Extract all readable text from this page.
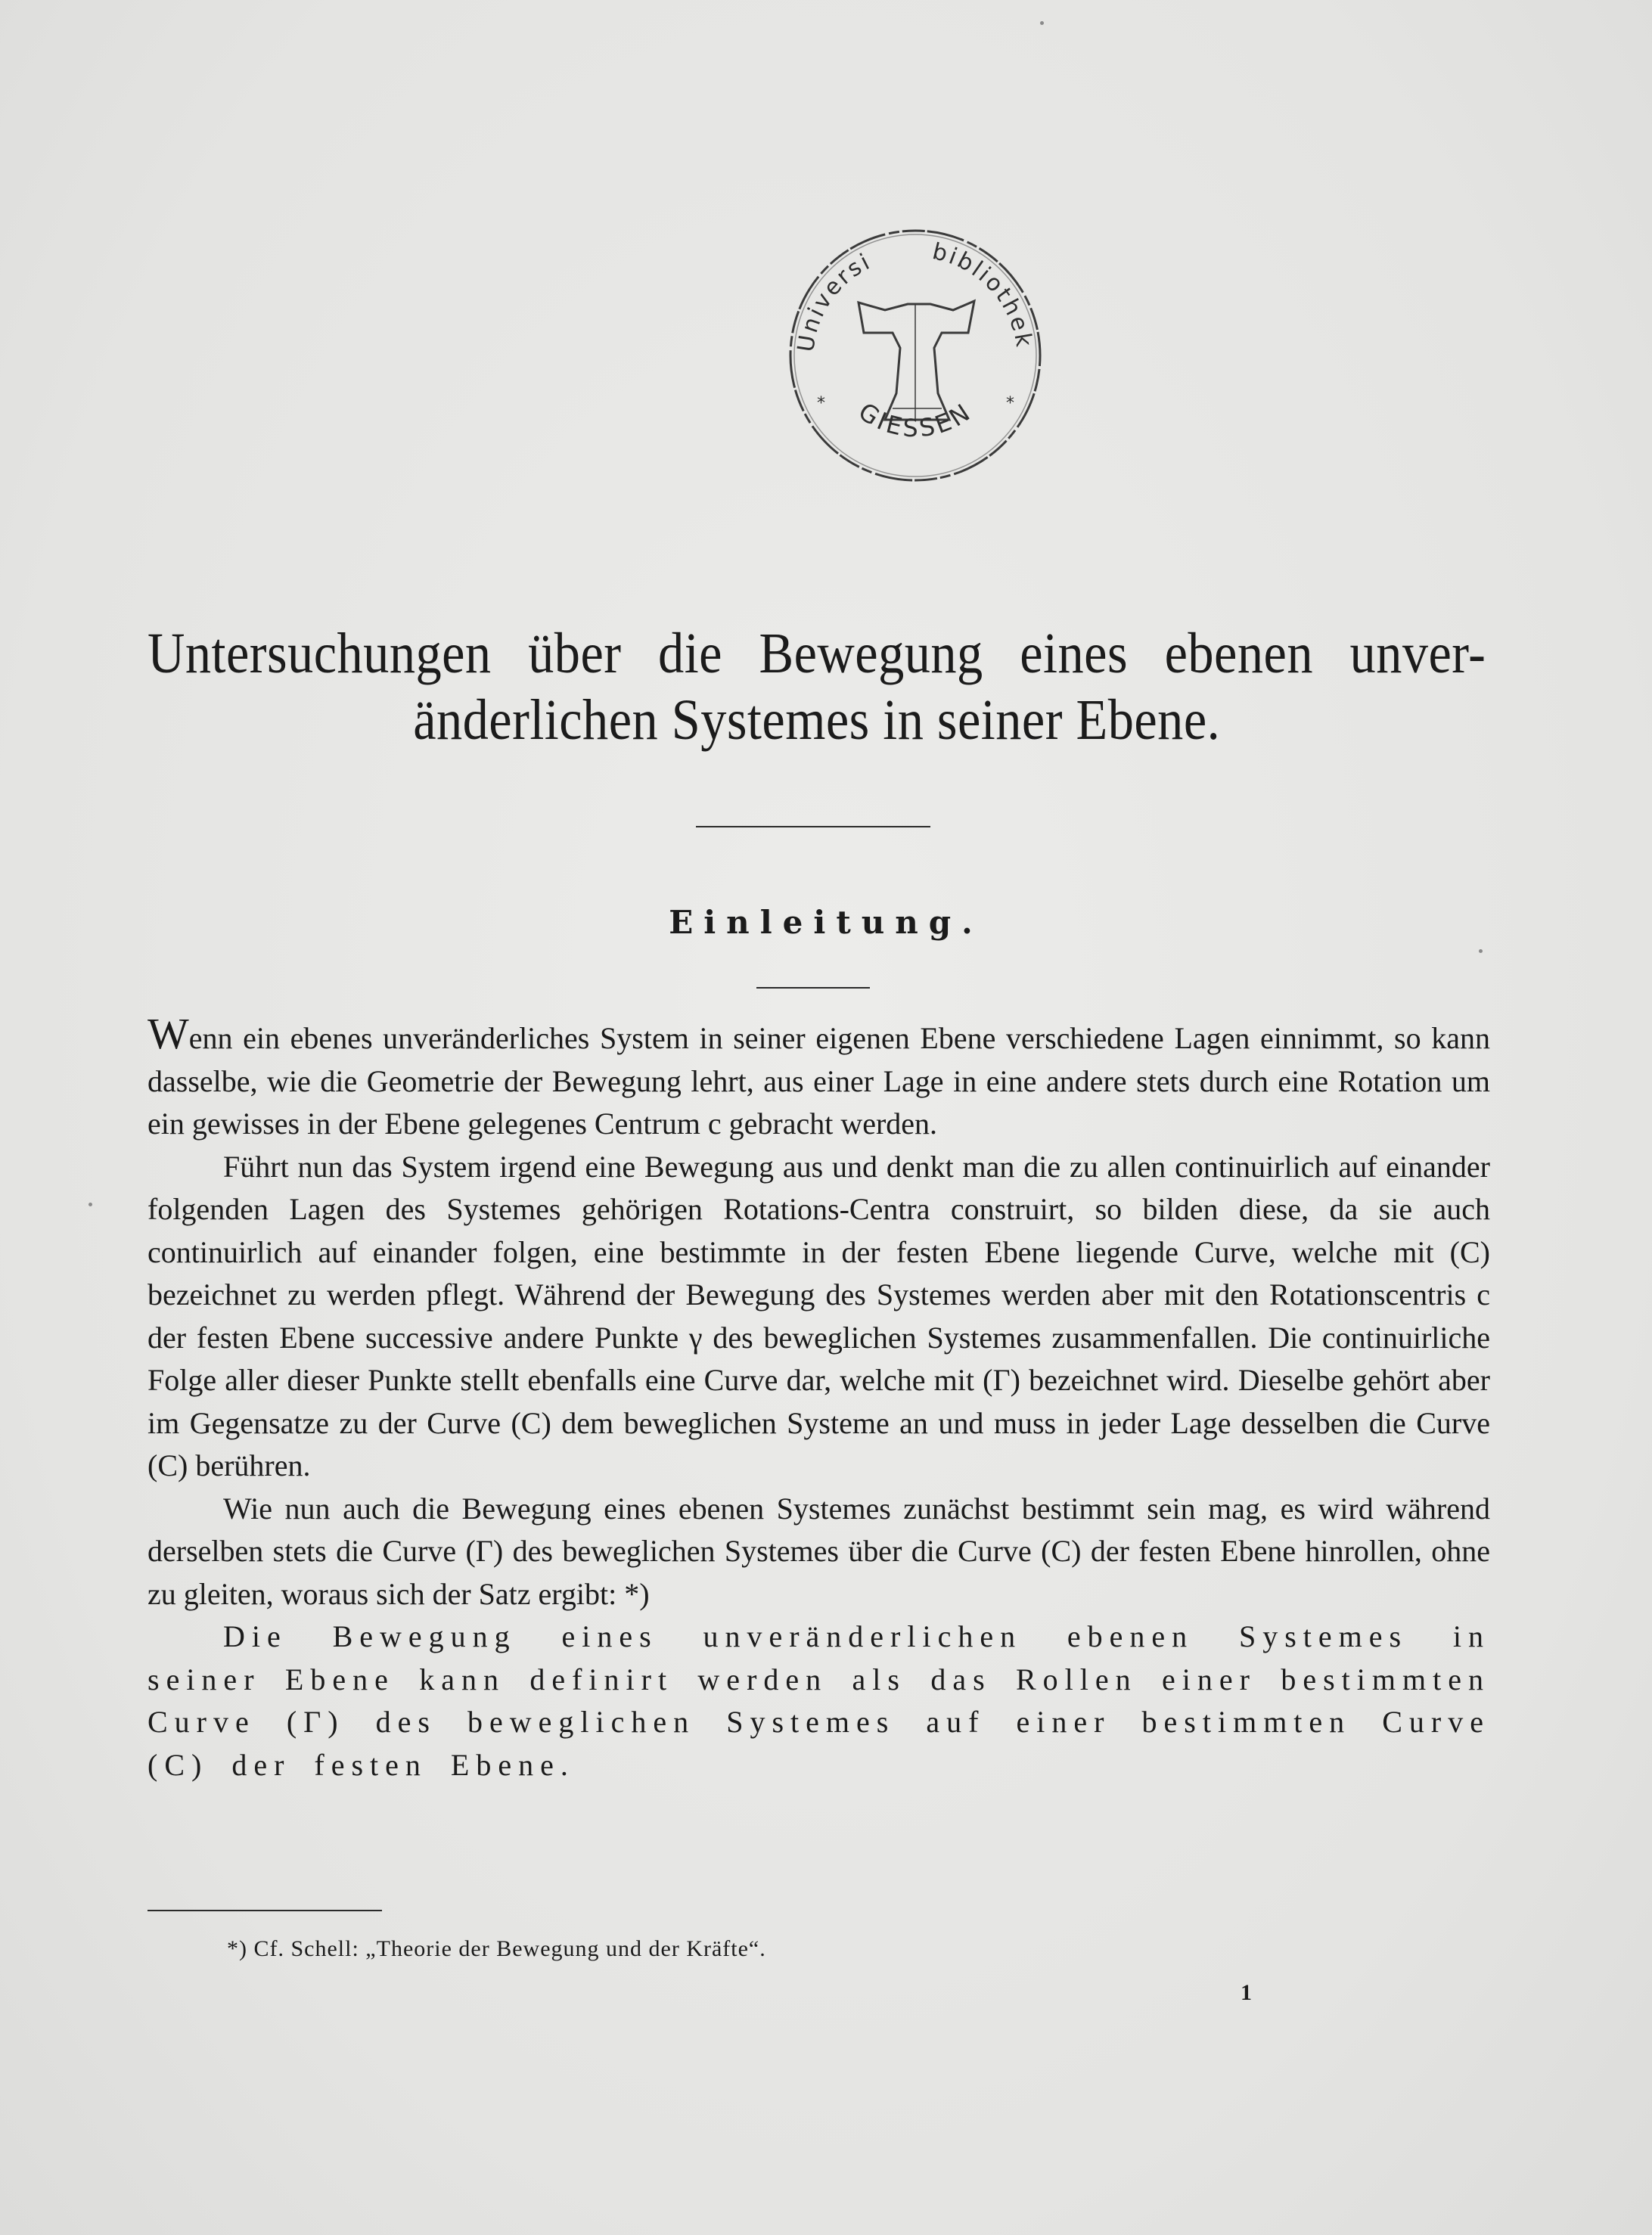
Universi bibliothek
GIESSEN
*	*
Untersuchungen über die Bewegung eines ebenen unver-
änderlichen Systemes in seiner Ebene.
Einleitung.

Wenn ein ebenes unveränderliches System in seiner eigenen Ebene verschiedene Lagen einnimmt, so kann dasselbe, wie die Geometrie der Bewegung lehrt, aus einer Lage in eine andere stets durch eine Rotation um ein gewisses in der Ebene gelegenes Centrum c gebracht werden.

Führt nun das System irgend eine Bewegung aus und denkt man die zu allen continuirlich auf einander folgenden Lagen des Systemes gehörigen Rotations-Centra construirt, so bilden diese, da sie auch continuirlich auf einander folgen, eine bestimmte in der festen Ebene liegende Curve, welche mit (C) bezeichnet zu werden pflegt. Während der Bewegung des Systemes werden aber mit den Rotationscentris c der festen Ebene successive andere Punkte γ des beweglichen Systemes zusammenfallen. Die continuirliche Folge aller dieser Punkte stellt ebenfalls eine Curve dar, welche mit (Γ) bezeichnet wird. Dieselbe gehört aber im Gegensatze zu der Curve (C) dem beweglichen Systeme an und muss in jeder Lage desselben die Curve (C) berühren.

Wie nun auch die Bewegung eines ebenen Systemes zunächst bestimmt sein mag, es wird während derselben stets die Curve (Γ) des beweglichen Systemes über die Curve (C) der festen Ebene hinrollen, ohne zu gleiten, woraus sich der Satz ergibt: *)

Die Bewegung eines unveränderlichen ebenen Systemes in seiner Ebene kann definirt werden als das Rollen einer bestimmten Curve (Γ) des beweglichen Systemes auf einer bestimmten Curve (C) der festen Ebene.

*) Cf. Schell: „Theorie der Bewegung und der Kräfte“.
1
